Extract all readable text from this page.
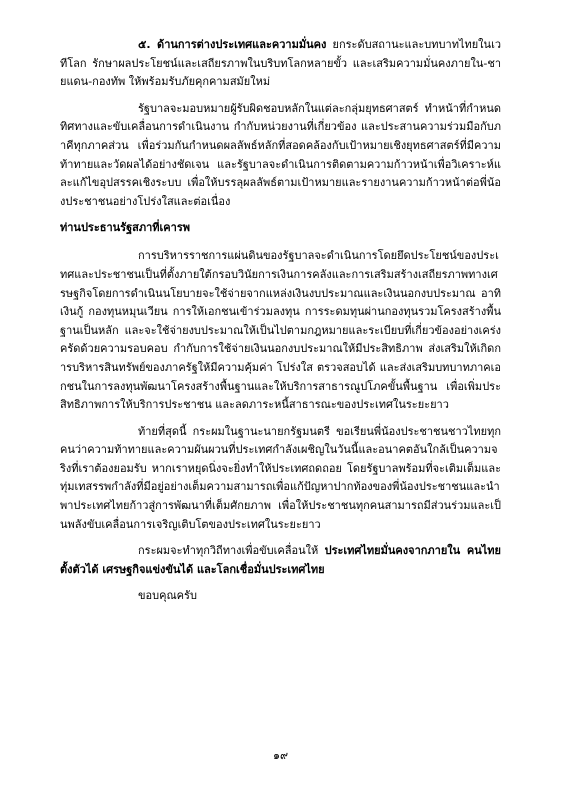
๕. ด้านการต่างประเทศและความมั่นคง ยกระดับสถานะและบทบาทไทยในเวทีโลก รักษาผลประโยชน์และเสถียรภาพในบริบทโลกหลายขั้ว และเสริมความมั่นคงภายใน-ชายแดน-กองทัพ ให้พร้อมรับภัยคุกคามสมัยใหม่

รัฐบาลจะมอบหมายผู้รับผิดชอบหลักในแต่ละกลุ่มยุทธศาสตร์ ทำหน้าที่กำหนดทิศทางและขับเคลื่อนการดำเนินงาน กำกับหน่วยงานที่เกี่ยวข้อง และประสานความร่วมมือกับภาคีทุกภาคส่วน เพื่อร่วมกันกำหนดผลลัพธ์หลักที่สอดคล้องกับเป้าหมายเชิงยุทธศาสตร์ที่มีความท้าทายและวัดผลได้อย่างชัดเจน และรัฐบาลจะดำเนินการติดตามความก้าวหน้าเพื่อวิเคราะห์และแก้ไขอุปสรรคเชิงระบบ เพื่อให้บรรลุผลลัพธ์ตามเป้าหมายและรายงานความก้าวหน้าต่อพี่น้องประชาชนอย่างโปร่งใสและต่อเนื่อง

ท่านประธานรัฐสภาที่เคารพ

การบริหารราชการแผ่นดินของรัฐบาลจะดำเนินการโดยยึดประโยชน์ของประเทศและประชาชนเป็นที่ตั้งภายใต้กรอบวินัยการเงินการคลังและการเสริมสร้างเสถียรภาพทางเศรษฐกิจโดยการดำเนินนโยบายจะใช้จ่ายจากแหล่งเงินงบประมาณและเงินนอกงบประมาณ อาทิ เงินกู้ กองทุนหมุนเวียน การให้เอกชนเข้าร่วมลงทุน การระดมทุนผ่านกองทุนรวมโครงสร้างพื้นฐานเป็นหลัก และจะใช้จ่ายงบประมาณให้เป็นไปตามกฎหมายและระเบียบที่เกี่ยวข้องอย่างเคร่งครัดด้วยความรอบคอบ กำกับการใช้จ่ายเงินนอกงบประมาณให้มีประสิทธิภาพ ส่งเสริมให้เกิดการบริหารสินทรัพย์ของภาครัฐให้มีความคุ้มค่า โปร่งใส ตรวจสอบได้ และส่งเสริมบทบาทภาคเอกชนในการลงทุนพัฒนาโครงสร้างพื้นฐานและให้บริการสาธารณูปโภคขั้นพื้นฐาน เพื่อเพิ่มประสิทธิภาพการให้บริการประชาชน และลดภาระหนี้สาธารณะของประเทศในระยะยาว

ท้ายที่สุดนี้ กระผมในฐานะนายกรัฐมนตรี ขอเรียนพี่น้องประชาชนชาวไทยทุกคนว่าความท้าทายและความผันผวนที่ประเทศกำลังเผชิญในวันนี้และอนาคตอันใกล้เป็นความจริงที่เราต้องยอมรับ หากเราหยุดนิ่งจะยิ่งทำให้ประเทศถดถอย โดยรัฐบาลพร้อมที่จะเติมเต็มและทุ่มเทสรรพกำลังที่มีอยู่อย่างเต็มความสามารถเพื่อแก้ปัญหาปากท้องของพี่น้องประชาชนและนำพาประเทศไทยก้าวสู่การพัฒนาที่เต็มศักยภาพ เพื่อให้ประชาชนทุกคนสามารถมีส่วนร่วมและเป็นพลังขับเคลื่อนการเจริญเติบโตของประเทศในระยะยาว

กระผมจะทำทุกวิถีทางเพื่อขับเคลื่อนให้ ประเทศไทยมั่นคงจากภายใน คนไทยตั้งตัวได้ เศรษฐกิจแข่งขันได้ และโลกเชื่อมั่นประเทศไทย

ขอบคุณครับ

๑๙
